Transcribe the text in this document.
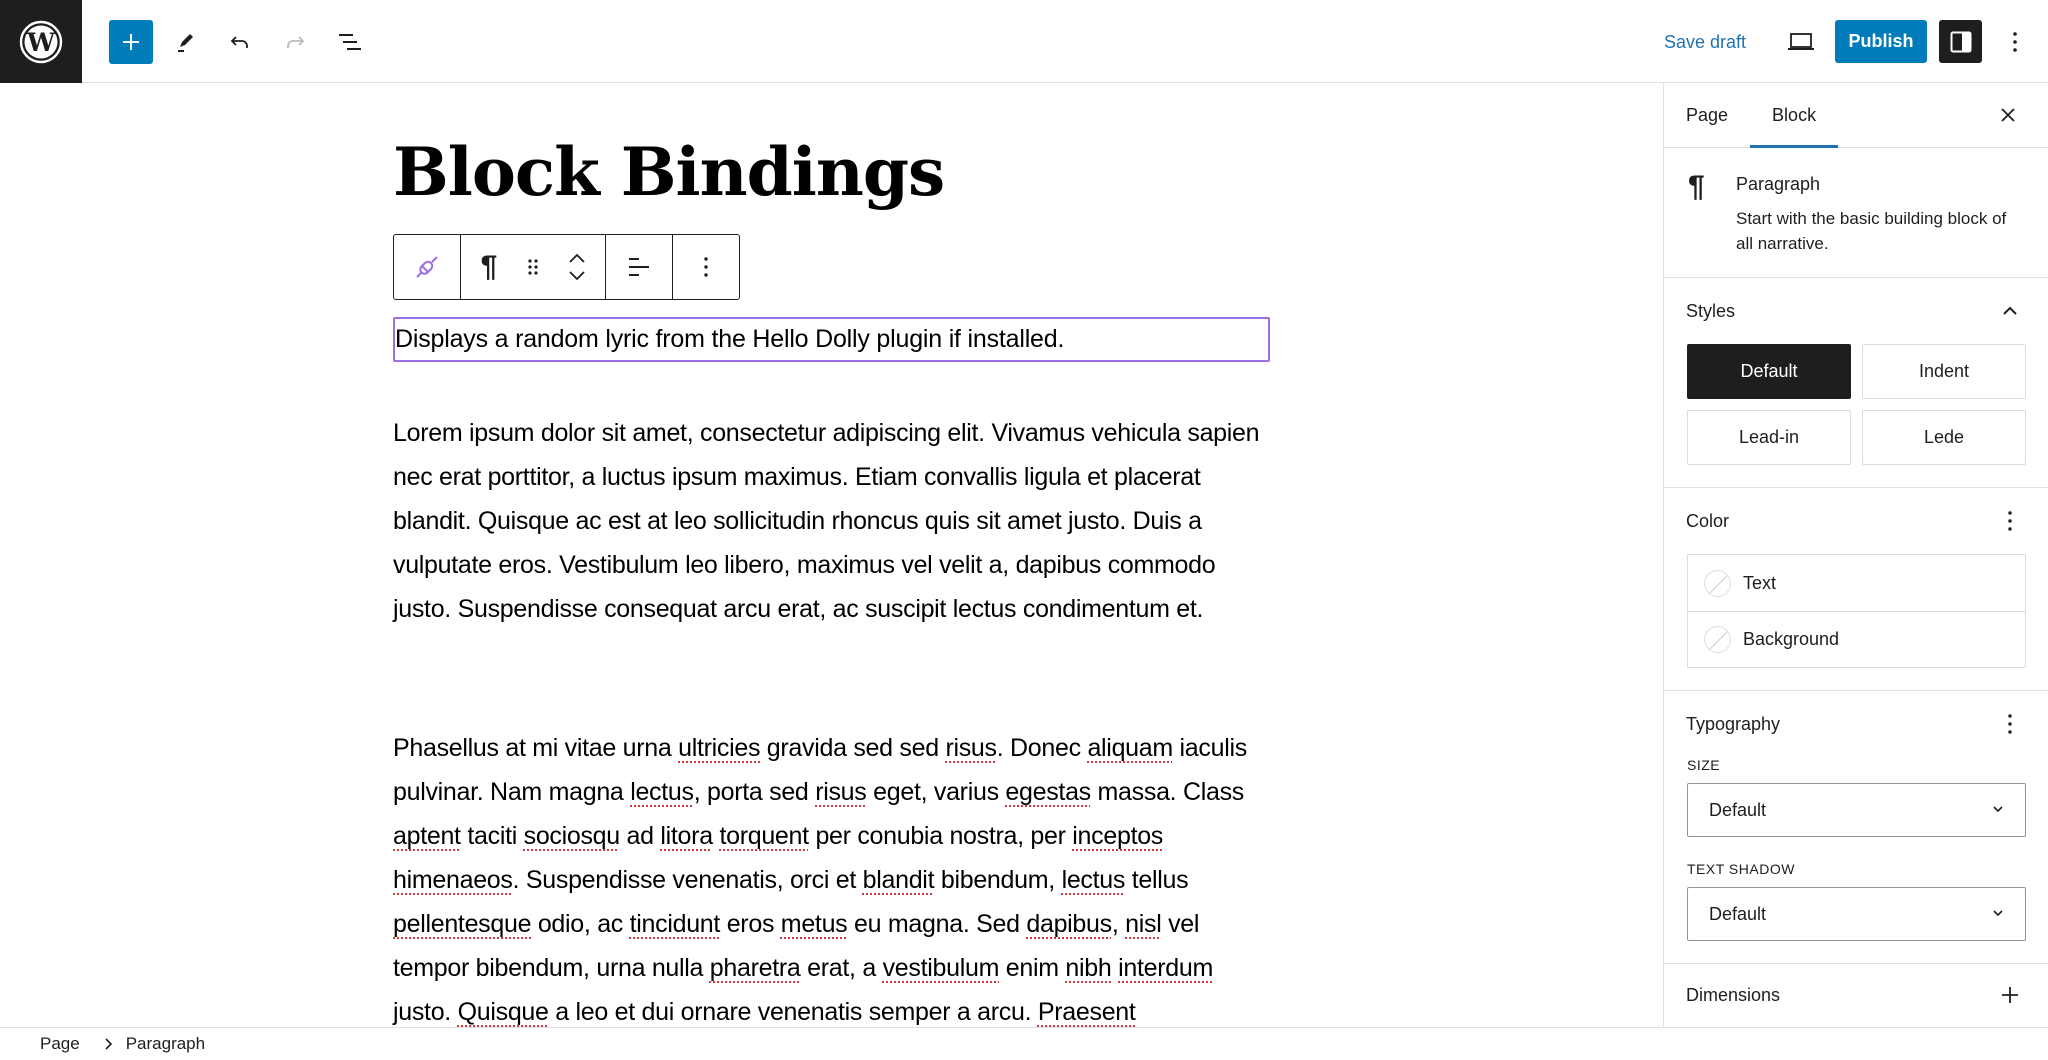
W	Save draft	Publish
Block Bindings
¶
Displays a random lyric from the Hello Dolly plugin if installed.
Lorem ipsum dolor sit amet, consectetur adipiscing elit. Vivamus vehicula sapien nec erat porttitor, a luctus ipsum maximus. Etiam convallis ligula et placerat blandit. Quisque ac est at leo sollicitudin rhoncus quis sit amet justo. Duis a vulputate eros. Vestibulum leo libero, maximus vel velit a, dapibus commodo justo. Suspendisse consequat arcu erat, ac suscipit lectus condimentum et.
Phasellus at mi vitae urna ultricies gravida sed sed risus. Donec aliquam iaculis pulvinar. Nam magna lectus, porta sed risus eget, varius egestas massa. Class aptent taciti sociosqu ad litora torquent per conubia nostra, per inceptos himenaeos. Suspendisse venenatis, orci et blandit bibendum, lectus tellus pellentesque odio, ac tincidunt eros metus eu magna. Sed dapibus, nisl vel tempor bibendum, urna nulla pharetra erat, a vestibulum enim nibh interdum justo. Quisque a leo et dui ornare venenatis semper a arcu. Praesent
Page	Block
¶ Paragraph
Start with the basic building block of all narrative.
Styles
Default	Indent
Lead-in	Lede
Color
Text
Background
Typography
SIZE
Default
TEXT SHADOW
Default
Dimensions
Page	Paragraph
